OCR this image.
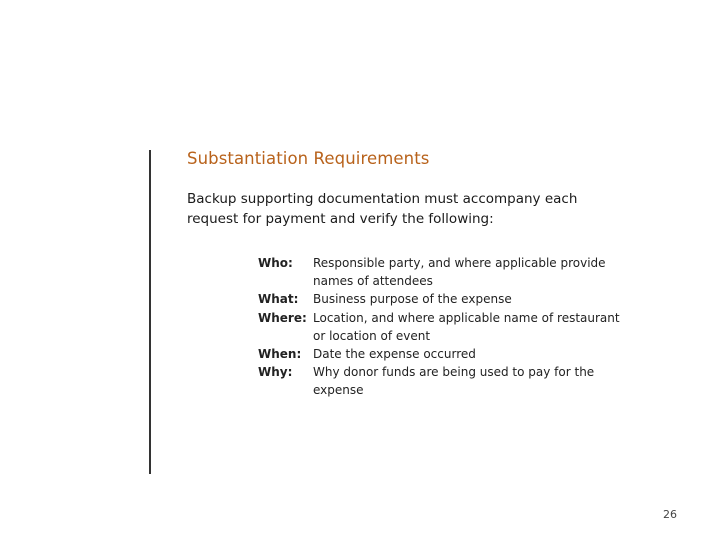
Substantiation Requirements
Backup supporting documentation must accompany each request for payment and verify the following:
Who:	Responsible party, and where applicable provide names of attendees
What:	Business purpose of the expense
Where: Location, and where applicable name of restaurant or location of event
When: Date the expense occurred
Why:	Why donor funds are being used to pay for the expense
26
